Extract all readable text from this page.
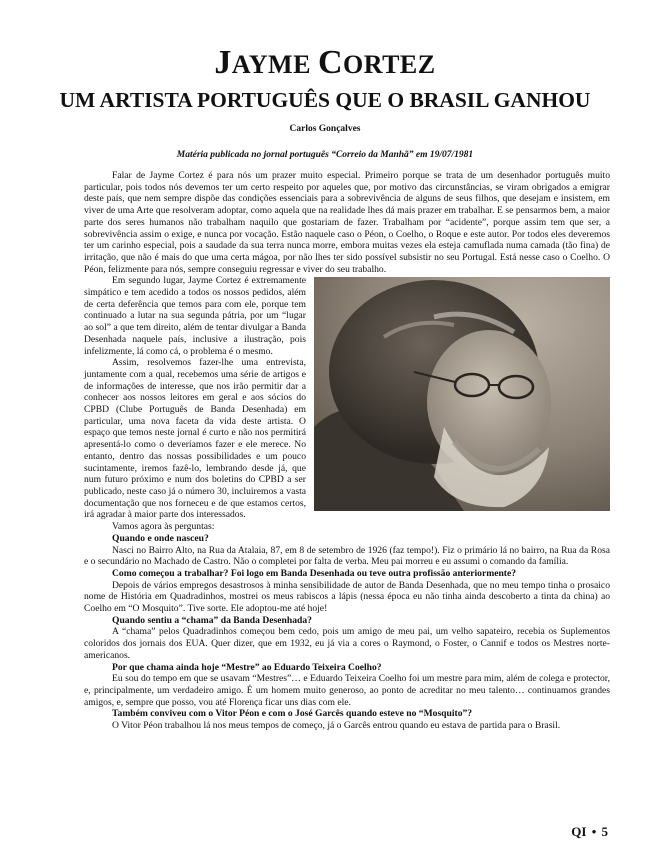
JAYME CORTEZ
UM ARTISTA PORTUGUÊS QUE O BRASIL GANHOU

Carlos Gonçalves

Matéria publicada no jornal português “Correio da Manhã” em 19/07/1981

Falar de Jayme Cortez é para nós um prazer muito especial. Primeiro porque se trata de um desenhador português muito particular, pois todos nós devemos ter um certo respeito por aqueles que, por motivo das circunstâncias, se viram obrigados a emigrar deste país, que nem sempre dispõe das condições essenciais para a sobrevivência de alguns de seus filhos, que desejam e insistem, em viver de uma Arte que resolveram adoptar, como aquela que na realidade lhes dá mais prazer em trabalhar. E se pensarmos bem, a maior parte dos seres humanos não trabalham naquilo que gostariam de fazer. Trabalham por “acidente”, porque assim tem que ser, a sobrevivência assim o exige, e nunca por vocação. Estão naquele caso o Péon, o Coelho, o Roque e este autor. Por todos eles deveremos ter um carinho especial, pois a saudade da sua terra nunca morre, embora muitas vezes ela esteja camuflada numa camada (tão fina) de irritação, que não é mais do que uma certa mágoa, por não lhes ter sido possível subsistir no seu Portugal. Está nesse caso o Coelho. O Péon, felizmente para nós, sempre conseguiu regressar e viver do seu trabalho.

Em segundo lugar, Jayme Cortez é extremamente simpático e tem acedido a todos os nossos pedidos, além de certa deferência que temos para com ele, porque tem continuado a lutar na sua segunda pátria, por um “lugar ao sol” a que tem direito, além de tentar divulgar a Banda Desenhada naquele país, inclusive a ilustração, pois infelizmente, lá como cá, o problema é o mesmo.

Assim, resolvemos fazer-lhe uma entrevista, juntamente com a qual, recebemos uma série de artigos e de informações de interesse, que nos irão permitir dar a conhecer aos nossos leitores em geral e aos sócios do CPBD (Clube Português de Banda Desenhada) em particular, uma nova faceta da vida deste artista. O espaço que temos neste jornal é curto e não nos permitirá apresentá-lo como o deveríamos fazer e ele merece. No entanto, dentro das nossas possibilidades e um pouco sucintamente, iremos fazê-lo, lembrando desde já, que num futuro próximo e num dos boletins do CPBD a ser publicado, neste caso já o número 30, incluiremos a vasta documentação que nos forneceu e de que estamos certos, irá agradar à maior parte dos interessados.

Vamos agora às perguntas:

Quando e onde nasceu?

Nasci no Bairro Alto, na Rua da Atalaia, 87, em 8 de setembro de 1926 (faz tempo!). Fiz o primário lá no bairro, na Rua da Rosa e o secundário no Machado de Castro. Não o completei por falta de verba. Meu pai morreu e eu assumi o comando da família.

Como começou a trabalhar? Foi logo em Banda Desenhada ou teve outra profissão anteriormente?

Depois de vários empregos desastrosos à minha sensibilidade de autor de Banda Desenhada, que no meu tempo tinha o prosaico nome de História em Quadradinhos, mostrei os meus rabiscos a lápis (nessa época eu não tinha ainda descoberto a tinta da china) ao Coelho em “O Mosquito”. Tive sorte. Ele adoptou-me até hoje!

Quando sentiu a “chama” da Banda Desenhada?

A “chama” pelos Quadradinhos começou bem cedo, pois um amigo de meu pai, um velho sapateiro, recebia os Suplementos coloridos dos jornais dos EUA. Quer dizer, que em 1932, eu já via a cores o Raymond, o Foster, o Cannif e todos os Mestres norte-americanos.

Por que chama ainda hoje “Mestre” ao Eduardo Teixeira Coelho?

Eu sou do tempo em que se usavam “Mestres”… e Eduardo Teixeira Coelho foi um mestre para mim, além de colega e protector, e, principalmente, um verdadeiro amigo. É um homem muito generoso, ao ponto de acreditar no meu talento… continuamos grandes amigos, e, sempre que posso, vou até Florença ficar uns dias com ele.

Também conviveu com o Vitor Péon e com o José Garcês quando esteve no “Mosquito”?

O Vitor Péon trabalhou lá nos meus tempos de começo, já o Garcês entrou quando eu estava de partida para o Brasil.

QI • 5
